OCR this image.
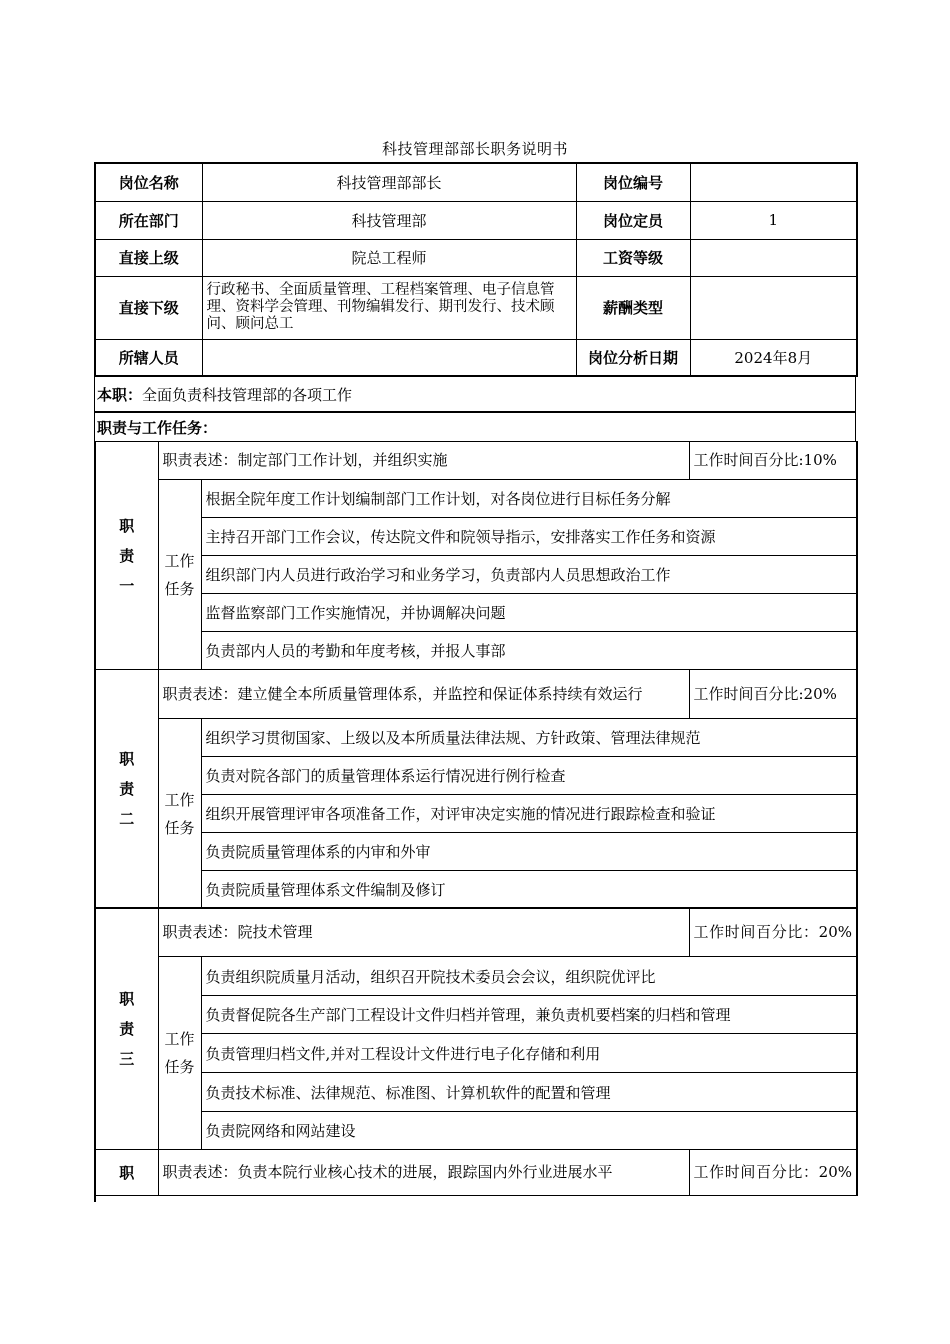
科技管理部部长职务说明书
岗位名称	科技管理部部长	岗位编号	
所在部门	科技管理部	岗位定员	1
直接上级	院总工程师	工资等级	
直接下级	行政秘书、全面质量管理、工程档案管理、电子信息管理、资料学会管理、刊物编辑发行、期刊发行、技术顾问、顾问总工	薪酬类型	
所辖人员		岗位分析日期	2024年8月
本职： 全面负责科技管理部的各项工作
职责与工作任务：
职责一	职责表述：制定部门工作计划，并组织实施		工作时间百分比:10%
	工作任务	根据全院年度工作计划编制部门工作计划，对各岗位进行目标任务分解	
		主持召开部门工作会议，传达院文件和院领导指示，安排落实工作任务和资源	
		组织部门内人员进行政治学习和业务学习，负责部内人员思想政治工作	
		监督监察部门工作实施情况，并协调解决问题	
		负责部内人员的考勤和年度考核，并报人事部	
职责二	职责表述：建立健全本所质量管理体系，并监控和保证体系持续有效运行		工作时间百分比:20%
	工作任务	组织学习贯彻国家、上级以及本所质量法律法规、方针政策、管理法律规范	
		负责对院各部门的质量管理体系运行情况进行例行检查	
		组织开展管理评审各项准备工作，对评审决定实施的情况进行跟踪检查和验证	
		负责院质量管理体系的内审和外审	
		负责院质量管理体系文件编制及修订	
职责三	职责表述：院技术管理		工作时间百分比：20%

	工作任务	负责组织院质量月活动，组织召开院技术委员会会议，组织院优评比	
		负责督促院各生产部门工程设计文件归档并管理，兼负责机要档案的归档和管理	
		负责管理归档文件,并对工程设计文件进行电子化存储和利用	
		负责技术标准、法律规范、标准图、计算机软件的配置和管理	
		负责院网络和网站建设	
职	职责表述：负责本院行业核心技术的进展，跟踪国内外行业进展水平	工作时间百分比：20%
